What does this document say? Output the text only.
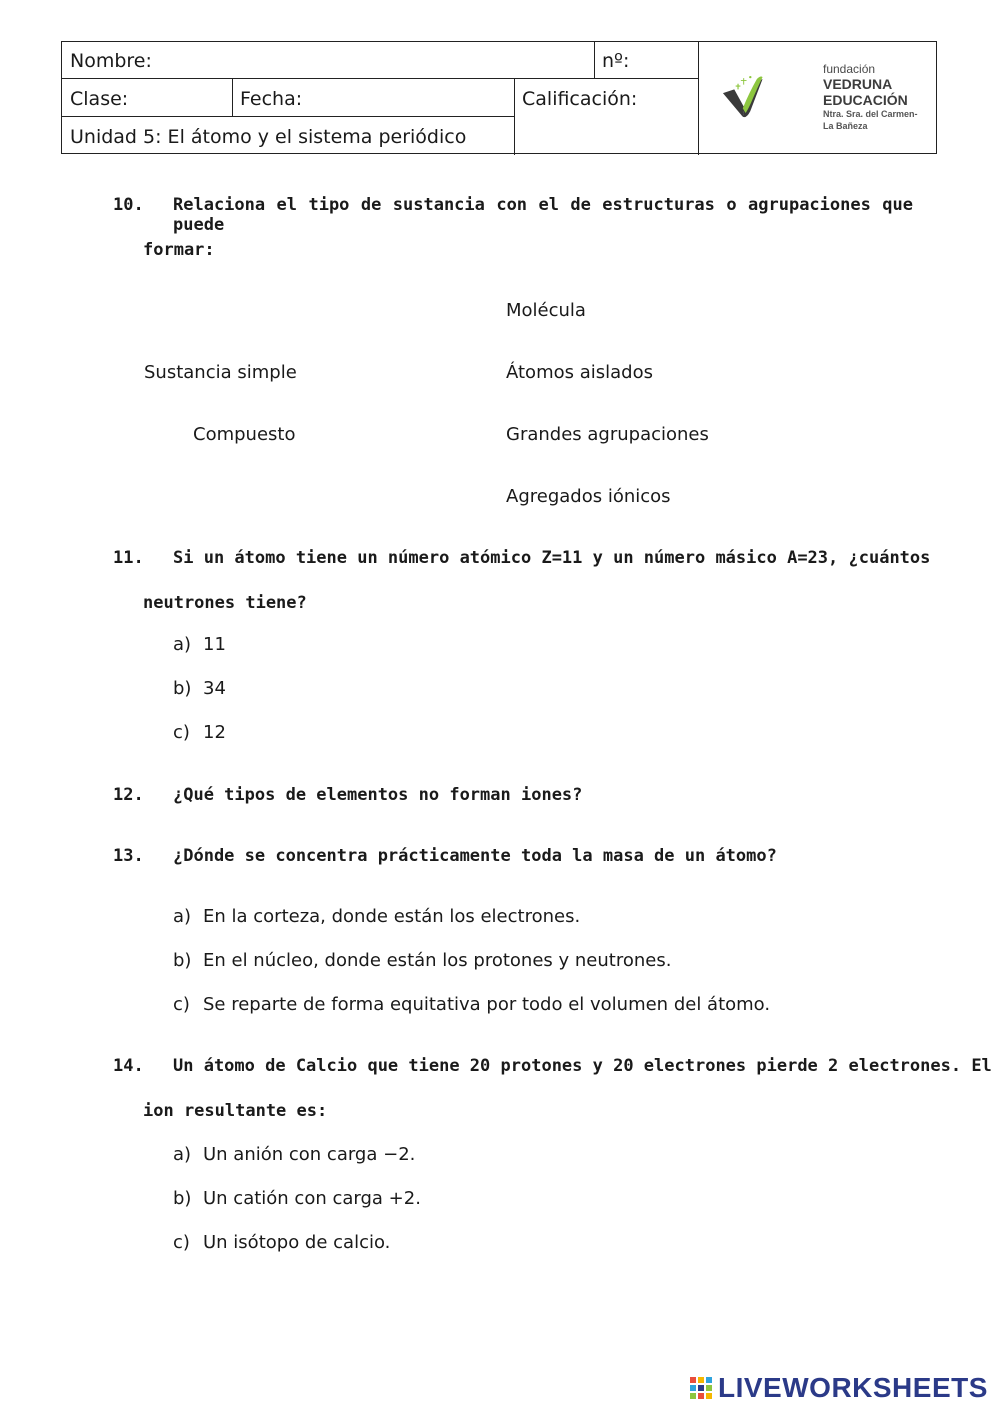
Nombre:	nº:
Clase:	Fecha:	Calificación:
Unidad 5: El átomo y el sistema periódico
fundación
VEDRUNA
EDUCACIÓN
Ntra. Sra. del Carmen-
La Bañeza
10. Relaciona el tipo de sustancia con el de estructuras o agrupaciones que puede
formar:
Molécula
Sustancia simple	Átomos aislados
Compuesto	Grandes agrupaciones
Agregados iónicos
11. Si un átomo tiene un número atómico Z=11 y un número másico A=23, ¿cuántos
neutrones tiene?
a) 11
b) 34
c) 12
12. ¿Qué tipos de elementos no forman iones?
13. ¿Dónde se concentra prácticamente toda la masa de un átomo?
a) En la corteza, donde están los electrones.
b) En el núcleo, donde están los protones y neutrones.
c) Se reparte de forma equitativa por todo el volumen del átomo.
14. Un átomo de Calcio que tiene 20 protones y 20 electrones pierde 2 electrones. El
ion resultante es:
a) Un anión con carga −2.
b) Un catión con carga +2.
c) Un isótopo de calcio.
LIVEWORKSHEETS
